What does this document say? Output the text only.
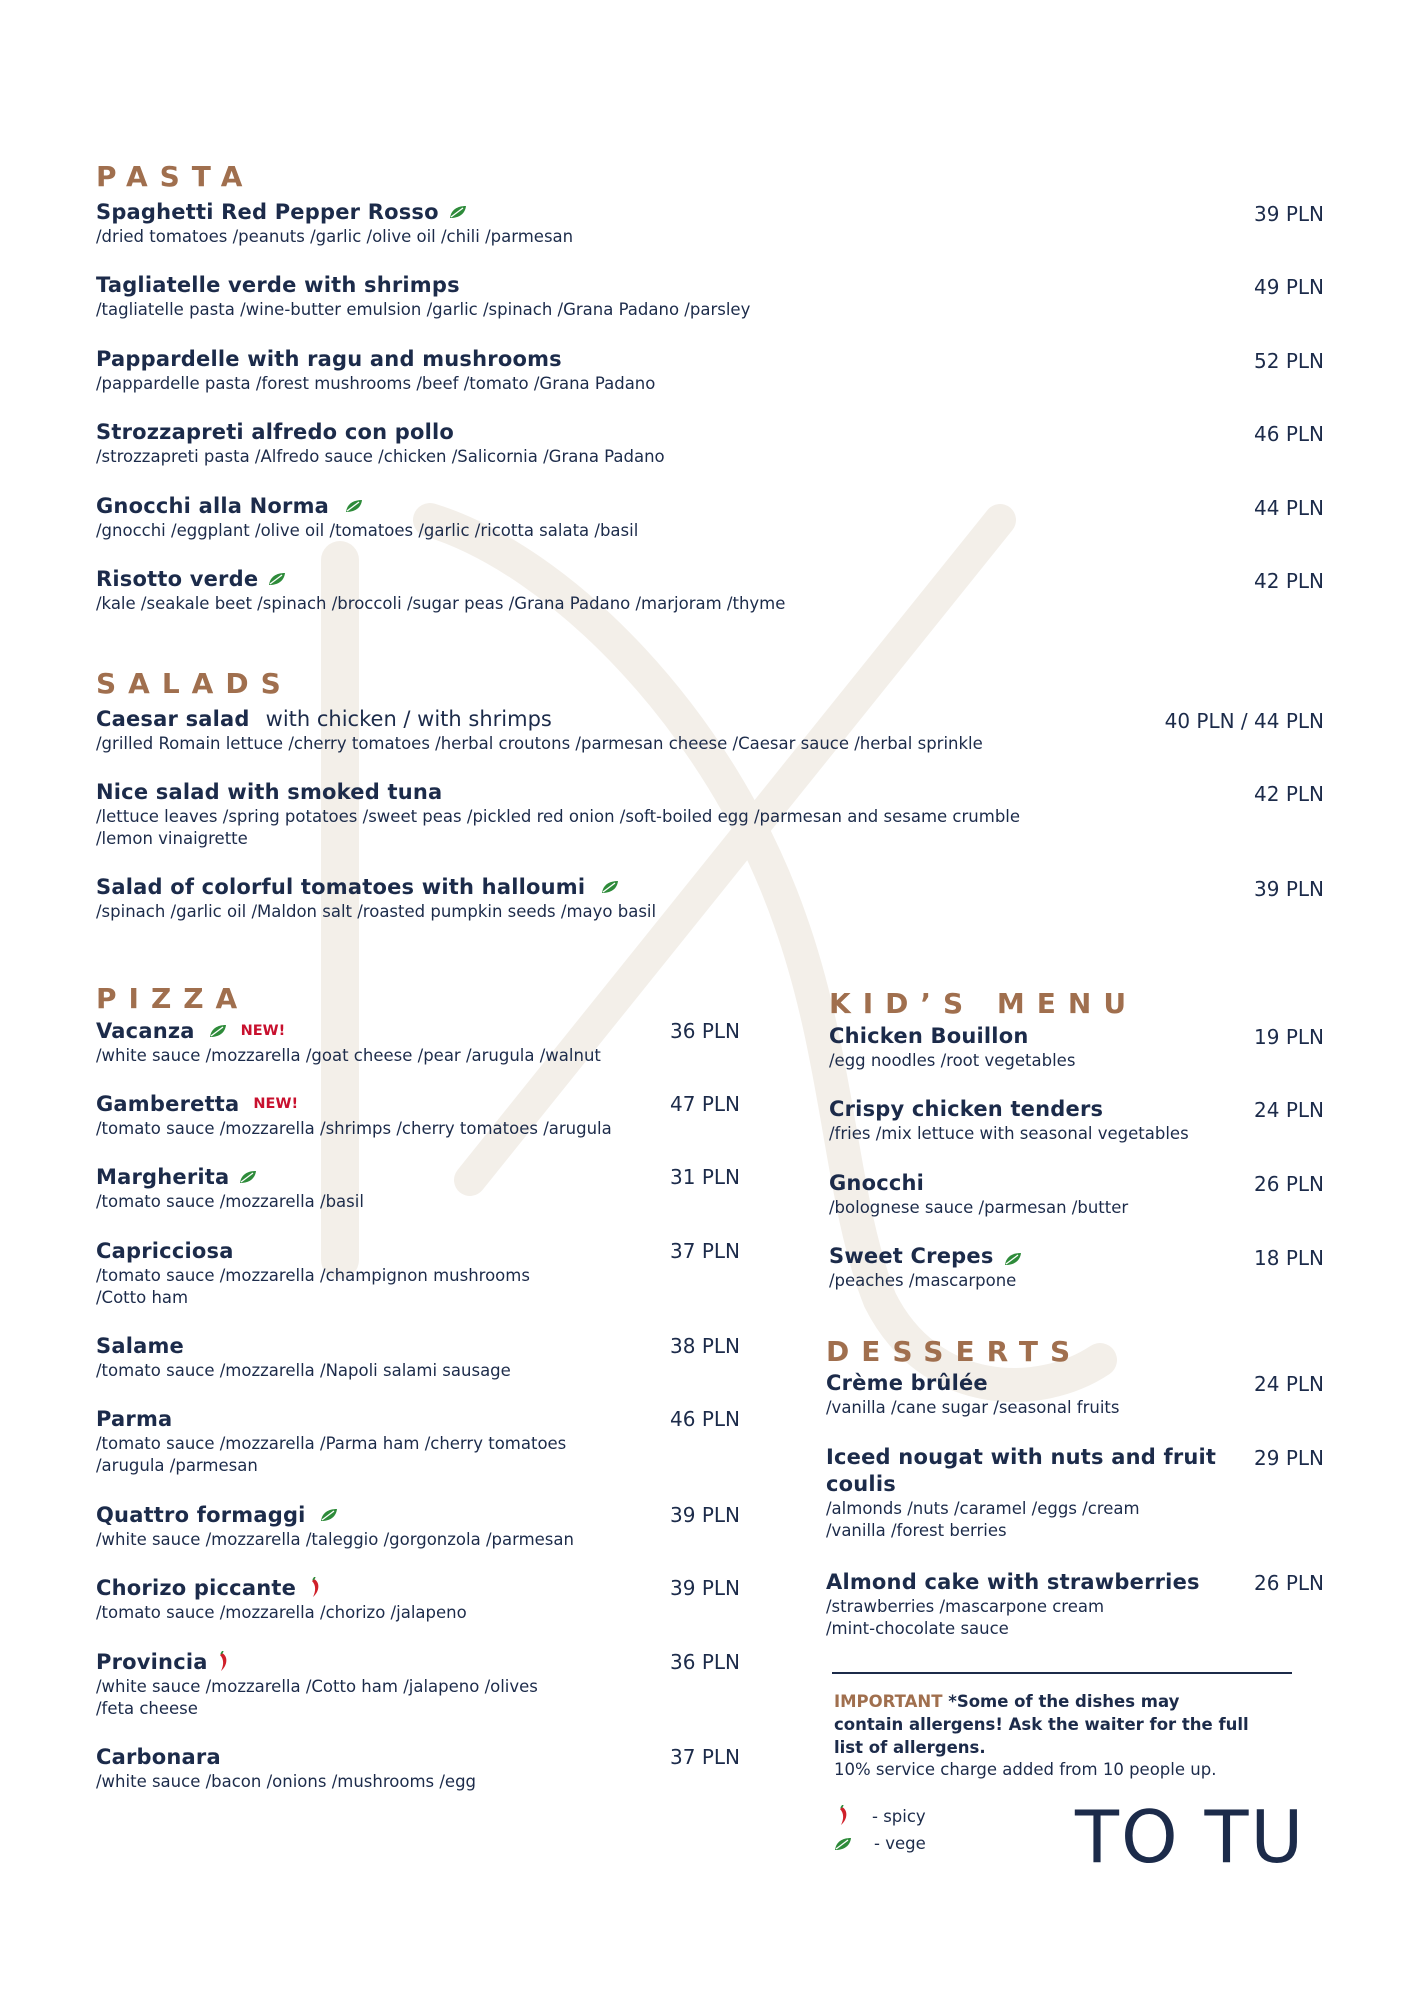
PASTA
Spaghetti Red Pepper Rosso
/dried tomatoes /peanuts /garlic /olive oil /chili /parmesan
39 PLN
Tagliatelle verde with shrimps
/tagliatelle pasta /wine-butter emulsion /garlic /spinach /Grana Padano /parsley
49 PLN
Pappardelle with ragu and mushrooms
/pappardelle pasta /forest mushrooms /beef /tomato /Grana Padano
52 PLN
Strozzapreti alfredo con pollo
/strozzapreti pasta /Alfredo sauce /chicken /Salicornia /Grana Padano
46 PLN
Gnocchi alla Norma
/gnocchi /eggplant /olive oil /tomatoes /garlic /ricotta salata /basil
44 PLN
Risotto verde
/kale /seakale beet /spinach /broccoli /sugar peas /Grana Padano /marjoram /thyme
42 PLN
SALADS
Caesar salad with chicken / with shrimps
/grilled Romain lettuce /cherry tomatoes /herbal croutons /parmesan cheese /Caesar sauce /herbal sprinkle
40 PLN / 44 PLN
Nice salad with smoked tuna
/lettuce leaves /spring potatoes /sweet peas /pickled red onion /soft-boiled egg /parmesan and sesame crumble
/lemon vinaigrette
42 PLN
Salad of colorful tomatoes with halloumi
/spinach /garlic oil /Maldon salt /roasted pumpkin seeds /mayo basil
39 PLN
PIZZA
Vacanza	NEW!
/white sauce /mozzarella /goat cheese /pear /arugula /walnut
36 PLN
Gamberetta NEW!
/tomato sauce /mozzarella /shrimps /cherry tomatoes /arugula
47 PLN
Margherita
/tomato sauce /mozzarella /basil
31 PLN
Capricciosa
/tomato sauce /mozzarella /champignon mushrooms
/Cotto ham
37 PLN
Salame
/tomato sauce /mozzarella /Napoli salami sausage
38 PLN
Parma
/tomato sauce /mozzarella /Parma ham /cherry tomatoes
/arugula /parmesan
46 PLN
Quattro formaggi
/white sauce /mozzarella /taleggio /gorgonzola /parmesan
39 PLN
Chorizo piccante
/tomato sauce /mozzarella /chorizo /jalapeno
39 PLN
Provincia
/white sauce /mozzarella /Cotto ham /jalapeno /olives
/feta cheese
36 PLN
Carbonara
/white sauce /bacon /onions /mushrooms /egg
37 PLN
KID’S MENU
Chicken Bouillon
/egg noodles /root vegetables
19 PLN
Crispy chicken tenders
/fries /mix lettuce with seasonal vegetables
24 PLN
Gnocchi
/bolognese sauce /parmesan /butter
26 PLN
Sweet Crepes
/peaches /mascarpone
18 PLN
DESSERTS
Crème brûlée
/vanilla /cane sugar /seasonal fruits
24 PLN
Iceed nougat with nuts and fruit
coulis
/almonds /nuts /caramel /eggs /cream
/vanilla /forest berries
29 PLN
Almond cake with strawberries
/strawberries /mascarpone cream
/mint-chocolate sauce
26 PLN
IMPORTANT *Some of the dishes may contain allergens! Ask the waiter for the full list of allergens.
10% service charge added from 10 people up.
- spicy
- vege TO TU
